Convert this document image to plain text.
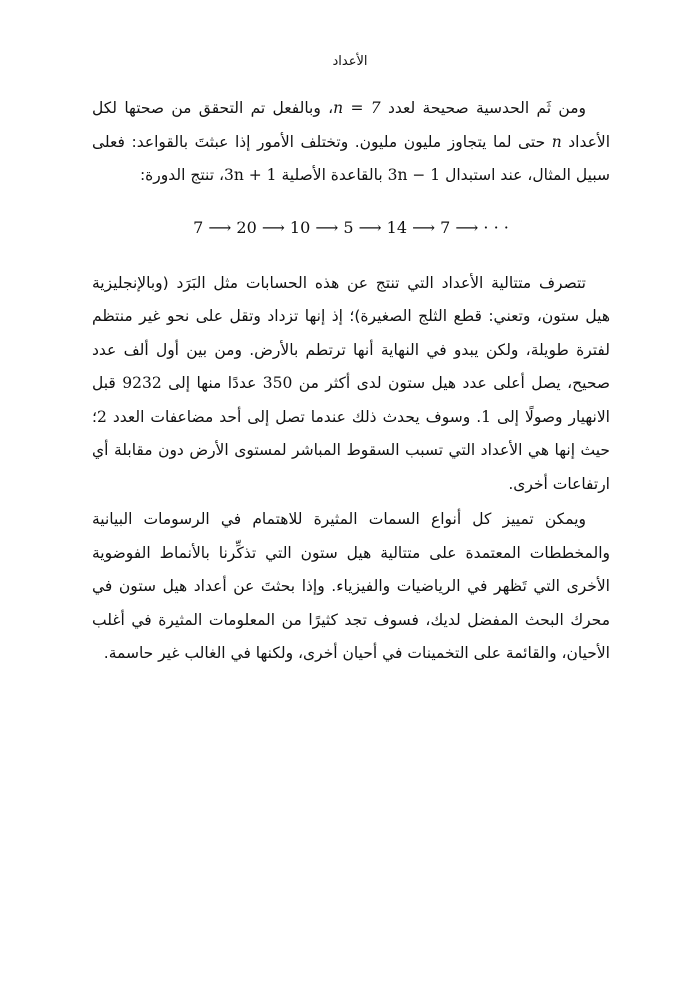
الأعداد

ومن ثَم الحدسية صحيحة لعدد n = 7، وبالفعل تم التحقق من صحتها لكل الأعداد n حتى لما يتجاوز مليون مليون. وتختلف الأمور إذا عبثتَ بالقواعد: فعلى سبيل المثال، عند استبدال 3n − 1 بالقاعدة الأصلية 3n + 1، تنتج الدورة:

7 ⟶ 20 ⟶ 10 ⟶ 5 ⟶ 14 ⟶ 7 ⟶ · · ·

تتصرف متتالية الأعداد التي تنتج عن هذه الحسابات مثل البَرَد (وبالإنجليزية هيل ستون، وتعني: قطع الثلج الصغيرة)؛ إذ إنها تزداد وتقل على نحو غير منتظم لفترة طويلة، ولكن يبدو في النهاية أنها ترتطم بالأرض. ومن بين أول ألف عدد صحيح، يصل أعلى عدد هيل ستون لدى أكثر من 350 عددًا منها إلى 9232 قبل الانهيار وصولًا إلى 1. وسوف يحدث ذلك عندما تصل إلى أحد مضاعفات العدد 2؛ حيث إنها هي الأعداد التي تسبب السقوط المباشر لمستوى الأرض دون مقابلة أي ارتفاعات أخرى.

ويمكن تمييز كل أنواع السمات المثيرة للاهتمام في الرسومات البيانية والمخططات المعتمدة على متتالية هيل ستون التي تذكِّرنا بالأنماط الفوضوية الأخرى التي تَظهر في الرياضيات والفيزياء. وإذا بحثتَ عن أعداد هيل ستون في محرك البحث المفضل لديك، فسوف تجد كثيرًا من المعلومات المثيرة في أغلب الأحيان، والقائمة على التخمينات في أحيان أخرى، ولكنها في الغالب غير حاسمة.
